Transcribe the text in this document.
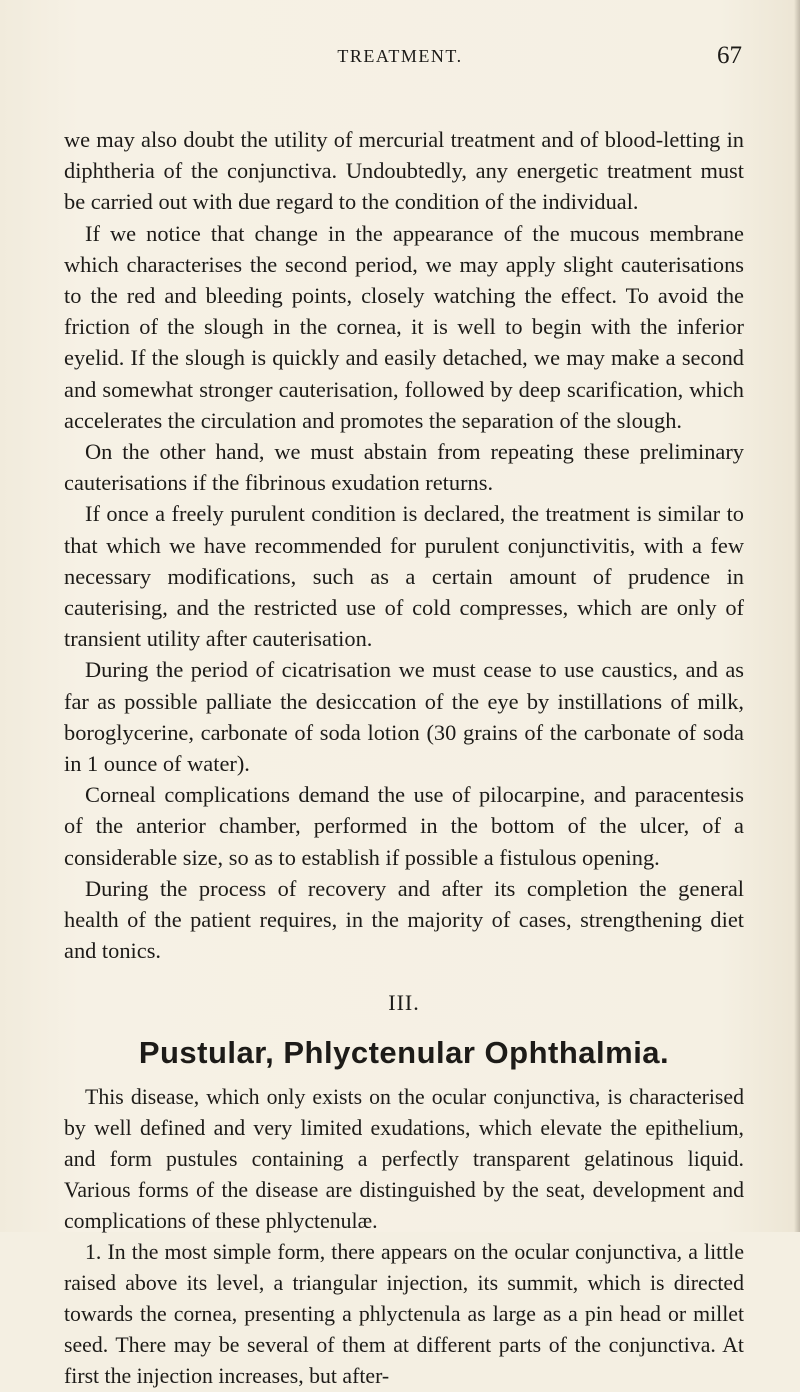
TREATMENT.	67

we may also doubt the utility of mercurial treatment and of blood-letting in diphtheria of the conjunctiva. Undoubtedly, any energetic treatment must be carried out with due regard to the condition of the individual.

If we notice that change in the appearance of the mucous membrane which characterises the second period, we may apply slight cauterisations to the red and bleeding points, closely watching the effect. To avoid the friction of the slough in the cornea, it is well to begin with the inferior eyelid. If the slough is quickly and easily detached, we may make a second and somewhat stronger cauterisation, followed by deep scarification, which accelerates the circulation and promotes the separation of the slough.

On the other hand, we must abstain from repeating these preliminary cauterisations if the fibrinous exudation returns.

If once a freely purulent condition is declared, the treatment is similar to that which we have recommended for purulent conjunctivitis, with a few necessary modifications, such as a certain amount of prudence in cauterising, and the restricted use of cold compresses, which are only of transient utility after cauterisation.

During the period of cicatrisation we must cease to use caustics, and as far as possible palliate the desiccation of the eye by instillations of milk, boroglycerine, carbonate of soda lotion (30 grains of the carbonate of soda in 1 ounce of water).

Corneal complications demand the use of pilocarpine, and paracentesis of the anterior chamber, performed in the bottom of the ulcer, of a considerable size, so as to establish if possible a fistulous opening.

During the process of recovery and after its completion the general health of the patient requires, in the majority of cases, strengthening diet and tonics.

III.
Pustular, Phlyctenular Ophthalmia.

This disease, which only exists on the ocular conjunctiva, is characterised by well defined and very limited exudations, which elevate the epithelium, and form pustules containing a perfectly transparent gelatinous liquid. Various forms of the disease are distinguished by the seat, development and complications of these phlyctenulæ.

1. In the most simple form, there appears on the ocular conjunctiva, a little raised above its level, a triangular injection, its summit, which is directed towards the cornea, presenting a phlyctenula as large as a pin head or millet seed. There may be several of them at different parts of the conjunctiva. At first the injection increases, but after-
